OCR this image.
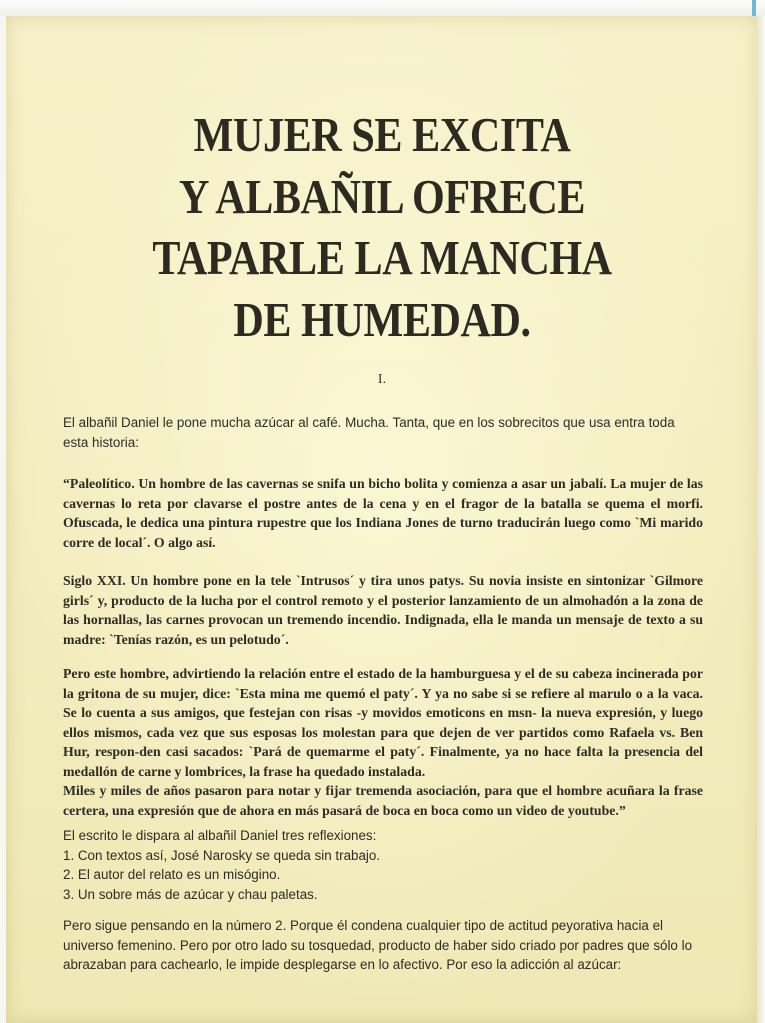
MUJER SE EXCITA
Y ALBAÑIL OFRECE
TAPARLE LA MANCHA
DE HUMEDAD.
I.

El albañil Daniel le pone mucha azúcar al café. Mucha. Tanta, que en los sobrecitos que usa entra toda esta historia:

“Paleolítico. Un hombre de las cavernas se snifa un bicho bolita y comienza a asar un jabalí. La mujer de las cavernas lo reta por clavarse el postre antes de la cena y en el fragor de la batalla se quema el morfi. Ofuscada, le dedica una pintura rupestre que los Indiana Jones de turno traducirán luego como `Mi marido corre de local´. O algo así.

Siglo XXI. Un hombre pone en la tele `Intrusos´ y tira unos patys. Su novia insiste en sintonizar `Gilmore girls´ y, producto de la lucha por el control remoto y el posterior lanzamiento de un almohadón a la zona de las hornallas, las carnes provocan un tremendo incendio. Indignada, ella le manda un mensaje de texto a su madre: `Tenías razón, es un pelotudo´.

Pero este hombre, advirtiendo la relación entre el estado de la hamburguesa y el de su cabeza incinerada por la gritona de su mujer, dice: `Esta mina me quemó el paty´. Y ya no sabe si se refiere al marulo o a la vaca. Se lo cuenta a sus amigos, que festejan con risas -y movidos emoticons en msn- la nueva expresión, y luego ellos mismos, cada vez que sus esposas los molestan para que dejen de ver partidos como Rafaela vs. Ben Hur, respon-den casi sacados: `Pará de quemarme el paty´. Finalmente, ya no hace falta la presencia del medallón de carne y lombrices, la frase ha quedado instalada.

Miles y miles de años pasaron para notar y fijar tremenda asociación, para que el hombre acuñara la frase certera, una expresión que de ahora en más pasará de boca en boca como un video de youtube.”

El escrito le dispara al albañil Daniel tres reflexiones:
1. Con textos así, José Narosky se queda sin trabajo.
2. El autor del relato es un misógino.
3. Un sobre más de azúcar y chau paletas.

Pero sigue pensando en la número 2. Porque él condena cualquier tipo de actitud peyorativa hacia el universo femenino. Pero por otro lado su tosquedad, producto de haber sido criado por padres que sólo lo abrazaban para cachearlo, le impide desplegarse en lo afectivo. Por eso la adicción al azúcar:
